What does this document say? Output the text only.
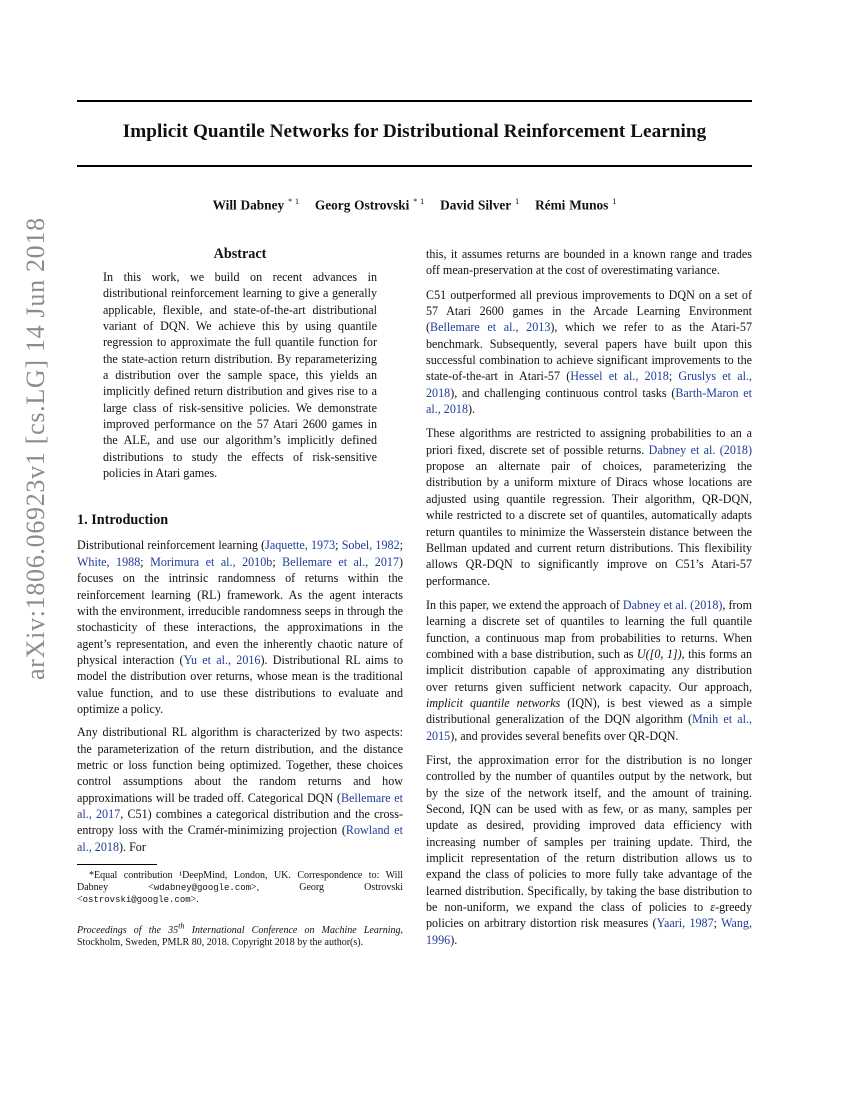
Implicit Quantile Networks for Distributional Reinforcement Learning
Will Dabney $^{* 1}$ Georg Ostrovski $^{* 1}$ David Silver $^1$ Rémi Munos $^1$
arXiv:1806.06923v1 [cs.LG] 14 Jun 2018	Abstract

In this work, we build on recent advances in distributional reinforcement learning to give a generally applicable, flexible, and state-of-the-art distributional variant of DQN. We achieve this by using quantile regression to approximate the full quantile function for the state-action return distribution. By reparameterizing a distribution over the sample space, this yields an implicitly defined return distribution and gives rise to a large class of risk-sensitive policies. We demonstrate improved performance on the 57 Atari 2600 games in the ALE, and use our algorithm’s implicitly defined distributions to study the effects of risk-sensitive policies in Atari games.

1. Introduction

Distributional reinforcement learning (Jaquette, 1973; Sobel, 1982; White, 1988; Morimura et al., 2010b; Bellemare et al., 2017) focuses on the intrinsic randomness of returns within the reinforcement learning (RL) framework. As the agent interacts with the environment, irreducible randomness seeps in through the stochasticity of these interactions, the approximations in the agent’s representation, and even the inherently chaotic nature of physical interaction (Yu et al., 2016). Distributional RL aims to model the distribution over returns, whose mean is the traditional value function, and to use these distributions to evaluate and optimize a policy.

Any distributional RL algorithm is characterized by two aspects: the parameterization of the return distribution, and the distance metric or loss function being optimized. Together, these choices control assumptions about the random returns and how approximations will be traded off. Categorical DQN (Bellemare et al., 2017, C51) combines a categorical distribution and the cross-entropy loss with the Cramér-minimizing projection (Rowland et al., 2018). For

*Equal contribution ¹DeepMind, London, UK. Correspondence to: Will Dabney <wdabney@google.com>, Georg Ostrovski <ostrovski@google.com>.

Proceedings of the 35th International Conference on Machine Learning, Stockholm, Sweden, PMLR 80, 2018. Copyright 2018 by the author(s).

this, it assumes returns are bounded in a known range and trades off mean-preservation at the cost of overestimating variance.

C51 outperformed all previous improvements to DQN on a set of 57 Atari 2600 games in the Arcade Learning Environment (Bellemare et al., 2013), which we refer to as the Atari-57 benchmark. Subsequently, several papers have built upon this successful combination to achieve significant improvements to the state-of-the-art in Atari-57 (Hessel et al., 2018; Gruslys et al., 2018), and challenging continuous control tasks (Barth-Maron et al., 2018).

These algorithms are restricted to assigning probabilities to an a priori fixed, discrete set of possible returns. Dabney et al. (2018) propose an alternate pair of choices, parameterizing the distribution by a uniform mixture of Diracs whose locations are adjusted using quantile regression. Their algorithm, QR-DQN, while restricted to a discrete set of quantiles, automatically adapts return quantiles to minimize the Wasserstein distance between the Bellman updated and current return distributions. This flexibility allows QR-DQN to significantly improve on C51’s Atari-57 performance.

In this paper, we extend the approach of Dabney et al. (2018), from learning a discrete set of quantiles to learning the full quantile function, a continuous map from probabilities to returns. When combined with a base distribution, such as U([0, 1]), this forms an implicit distribution capable of approximating any distribution over returns given sufficient network capacity. Our approach, implicit quantile networks (IQN), is best viewed as a simple distributional generalization of the DQN algorithm (Mnih et al., 2015), and provides several benefits over QR-DQN.

First, the approximation error for the distribution is no longer controlled by the number of quantiles output by the network, but by the size of the network itself, and the amount of training. Second, IQN can be used with as few, or as many, samples per update as desired, providing improved data efficiency with increasing number of samples per training update. Third, the implicit representation of the return distribution allows us to expand the class of policies to more fully take advantage of the learned distribution. Specifically, by taking the base distribution to be non-uniform, we expand the class of policies to ε-greedy policies on arbitrary distortion risk measures (Yaari, 1987; Wang, 1996).
